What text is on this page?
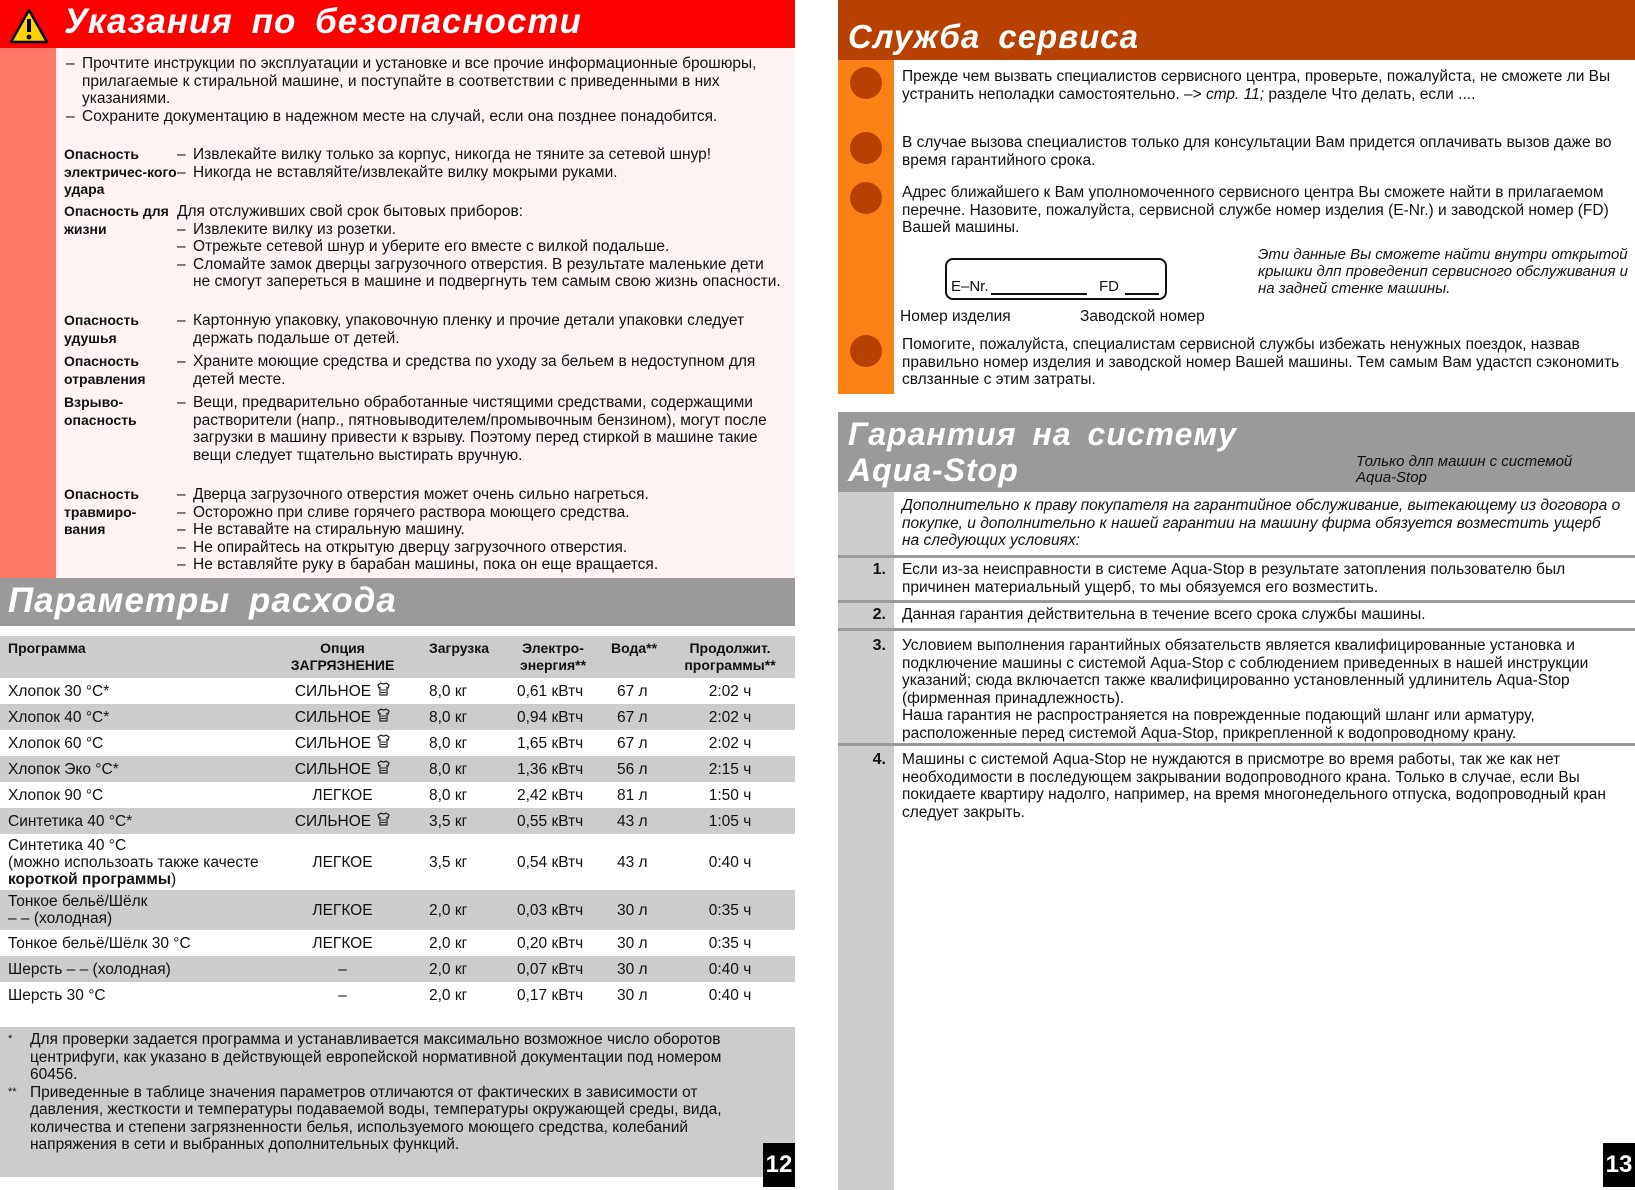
Указания по безопасности
– Прочтите инструкции по эксплуатации и установке и все прочие информационные брошюры, прилагаемые к стиральной машине, и поступайте в соответствии с приведенными в них указаниями.
– Сохраните документацию в надежном месте на случай, если она позднее понадобится.
Опасность электричес-кого удара
– Извлекайте вилку только за корпус, никогда не тяните за сетевой шнур!
– Никогда не вставляйте/извлекайте вилку мокрыми руками.
Опасность для жизни
Для отслуживших свой срок бытовых приборов:
– Извлеките вилку из розетки.
– Отрежьте сетевой шнур и уберите его вместе с вилкой подальше.
– Сломайте замок дверцы загрузочного отверстия. В результате маленькие дети не смогут запереться в машине и подвергнуть тем самым свою жизнь опасности.
Опасность удушья
– Картонную упаковку, упаковочную пленку и прочие детали упаковки следует держать подальше от детей.
Опасность отравления
– Храните моющие средства и средства по уходу за бельем в недоступном для детей месте.
Взрыво-опасность
– Вещи, предварительно обработанные чистящими средствами, содержащими растворители (напр., пятновыводителем/промывочным бензином), могут после загрузки в машину привести к взрыву. Поэтому перед стиркой в машине такие вещи следует тщательно выстирать вручную.
Опасность травмиро-вания
– Дверца загрузочного отверстия может очень сильно нагреться.
– Осторожно при сливе горячего раствора моющего средства.
– Не вставайте на стиральную машину.
– Не опирайтесь на открытую дверцу загрузочного отверстия.
– Не вставляйте руку в барабан машины, пока он еще вращается.
Параметры расхода
Программа	Опция ЗАГРЯЗНЕНИЕ	Загрузка	Электро-энергия**	Вода**	Продолжит. программы**

Хлопок 30 °C*	СИЛЬНОЕ	8,0 кг	0,61 кВтч	67 л	2:02 ч

Хлопок 40 °C*	СИЛЬНОЕ	8,0 кг	0,94 кВтч	67 л	2:02 ч

Хлопок 60 °C	СИЛЬНОЕ	8,0 кг	1,65 кВтч	67 л	2:02 ч

Хлопок Эко °C*	СИЛЬНОЕ	8,0 кг	1,36 кВтч	56 л	2:15 ч

Хлопок 90 °C	ЛЕГКОЕ	8,0 кг	2,42 кВтч	81 л	1:50 ч

Синтетика 40 °C*	СИЛЬНОЕ	3,5 кг	0,55 кВтч	43 л	1:05 ч

Синтетика 40 °C
(можно использоать также качесте короткой программы)	ЛЕГКОЕ	3,5 кг	0,54 кВтч	43 л	0:40 ч

Тонкое бельё/Шёлк
– – (холодная)	ЛЕГКОЕ	2,0 кг	0,03 кВтч	30 л	0:35 ч

Тонкое бельё/Шёлк 30 °C	ЛЕГКОЕ	2,0 кг	0,20 кВтч	30 л	0:35 ч

Шерсть – – (холодная)	–	2,0 кг	0,07 кВтч	30 л	0:40 ч

Шерсть 30 °C	–	2,0 кг	0,17 кВтч	30 л	0:40 ч
* Для проверки задается программа и устанавливается максимально возможное число оборотов центрифуги, как указано в действующей европейской нормативной документации под номером 60456.
** Приведенные в таблице значения параметров отличаются от фактических в зависимости от давления, жесткости и температуры подаваемой воды, температуры окружающей среды, вида, количества и степени загрязненности белья, используемого моющего средства, колебаний напряжения в сети и выбранных дополнительных функций.
12
Служба сервиса
Прежде чем вызвать специалистов сервисного центра, проверьте, пожалуйста, не сможете ли Вы устранить неполадки самостоятельно. –> стр. 11; разделе Что делать, если ....
В случае вызова специалистов только для консультации Вам придется оплачивать вызов даже во время гарантийного срока.
Адрес ближайшего к Вам уполномоченного сервисного центра Вы сможете найти в прилагаемом перечне. Назовите, пожалуйста, сервисной службе номер изделия (E-Nr.) и заводской номер (FD) Вашей машины.
E–Nr.	FD
Номер изделия	Заводской номер
Эти данные Вы сможете найти внутри открытой крышки длп проведенип сервисного обслуживания и на задней стенке машины.
Помогите, пожалуйста, специалистам сервисной службы избежать ненужных поездок, назвав правильно номер изделия и заводской номер Вашей машины. Тем самым Вам удастсп сэкономить свлзанные с этим затраты.
Гарантия на систему
Aqua-Stop	Только длп машин с системой Aqua-Stop
Дополнительно к праву покупателя на гарантийное обслуживание, вытекающему из договора о покупке, и дополнительно к нашей гарантии на машину фирма обязуется возместить ущерб на следующих условиях:
1. Если из-за неисправности в системе Aqua-Stop в результате затопления пользователю был причинен материальный ущерб, то мы обязуемся его возместить.
2. Данная гарантия действительна в течение всего срока службы машины.
3. Условием выполнения гарантийных обязательств является квалифицированные установка и подключение машины с системой Aqua-Stop с соблюдением приведенных в нашей инструкции указаний; сюда включаетсп также квалифицированно установленный удлинитель Aqua-Stop (фирменная принадлежность).
Наша гарантия не распространяется на поврежденные подающий шланг или арматуру, расположенные перед системой Aqua-Stop, прикрепленной к водопроводному крану.
4. Машины с системой Aqua-Stop не нуждаются в присмотре во время работы, так же как нет необходимости в последующем закрывании водопроводного крана. Только в случае, если Вы покидаете квартиру надолго, например, на время многонедельного отпуска, водопроводный кран следует закрыть.
13
